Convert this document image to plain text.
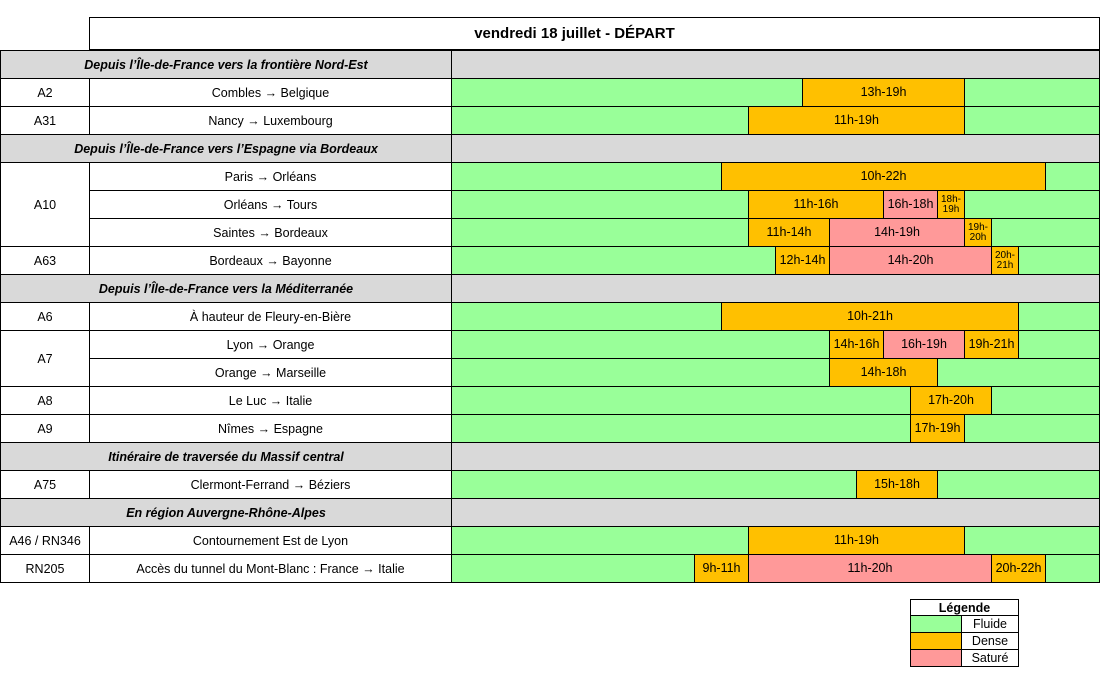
vendredi 18 juillet - DÉPART
Depuis l’Île-de-France vers la frontière Nord-Est
A2	Combles → Belgique	13h-19h
A31	Nancy → Luxembourg	11h-19h
Depuis l’Île-de-France vers l’Espagne via Bordeaux
A10
Paris → Orléans	10h-22h
Orléans → Tours	11h-16h	16h-18h 18h-19h
Saintes → Bordeaux	11h-14h	14h-19h	19h-20h
A63	Bordeaux → Bayonne	12h-14h	14h-20h	20h-21h
Depuis l’Île-de-France vers la Méditerranée
A6	À hauteur de Fleury-en-Bière	10h-21h
A7
Lyon → Orange	14h-16h	16h-19h	19h-21h
Orange → Marseille	14h-18h
A8	Le Luc → Italie	17h-20h
A9	Nîmes → Espagne	17h-19h
Itinéraire de traversée du Massif central
A75	Clermont-Ferrand → Béziers	15h-18h
En région Auvergne-Rhône-Alpes
A46 / RN346	Contournement Est de Lyon	11h-19h
RN205	Accès du tunnel du Mont-Blanc : France → Italie	9h-11h	11h-20h	20h-22h
Légende
Fluide
Dense
Saturé
